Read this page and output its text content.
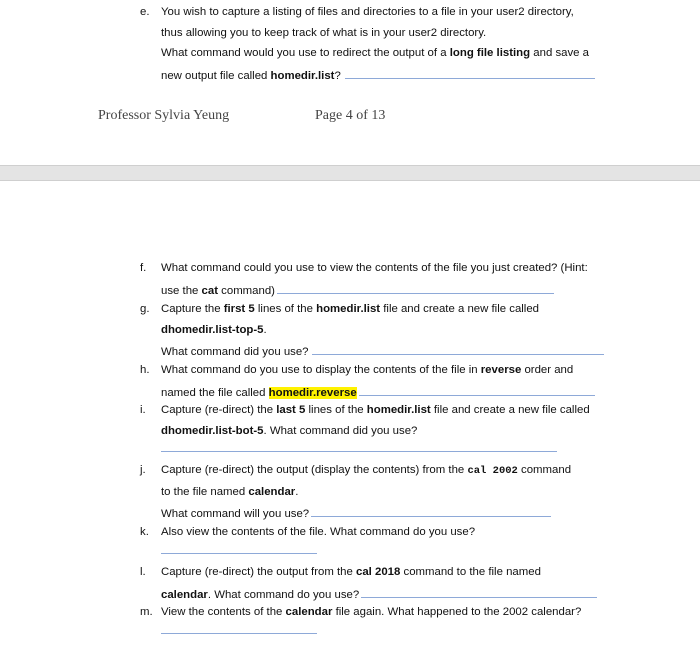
e. You wish to capture a listing of files and directories to a file in your user2 directory,
thus allowing you to keep track of what is in your user2 directory.
What command would you use to redirect the output of a long file listing and save a
new output file called homedir.list?
Professor Sylvia Yeung	Page 4 of 13
f. What command could you use to view the contents of the file you just created? (Hint:
use the cat command)
g. Capture the first 5 lines of the homedir.list file and create a new file called
dhomedir.list-top-5.
What command did you use?
h. What command do you use to display the contents of the file in reverse order and
named the file called homedir.reverse
i. Capture (re-direct) the last 5 lines of the homedir.list file and create a new file called
dhomedir.list-bot-5. What command did you use?
j. Capture (re-direct) the output (display the contents) from the cal 2002 command
to the file named calendar.
What command will you use?
k. Also view the contents of the file. What command do you use?
l. Capture (re-direct) the output from the cal 2018 command to the file named
calendar. What command do you use?
m. View the contents of the calendar file again. What happened to the 2002 calendar?
